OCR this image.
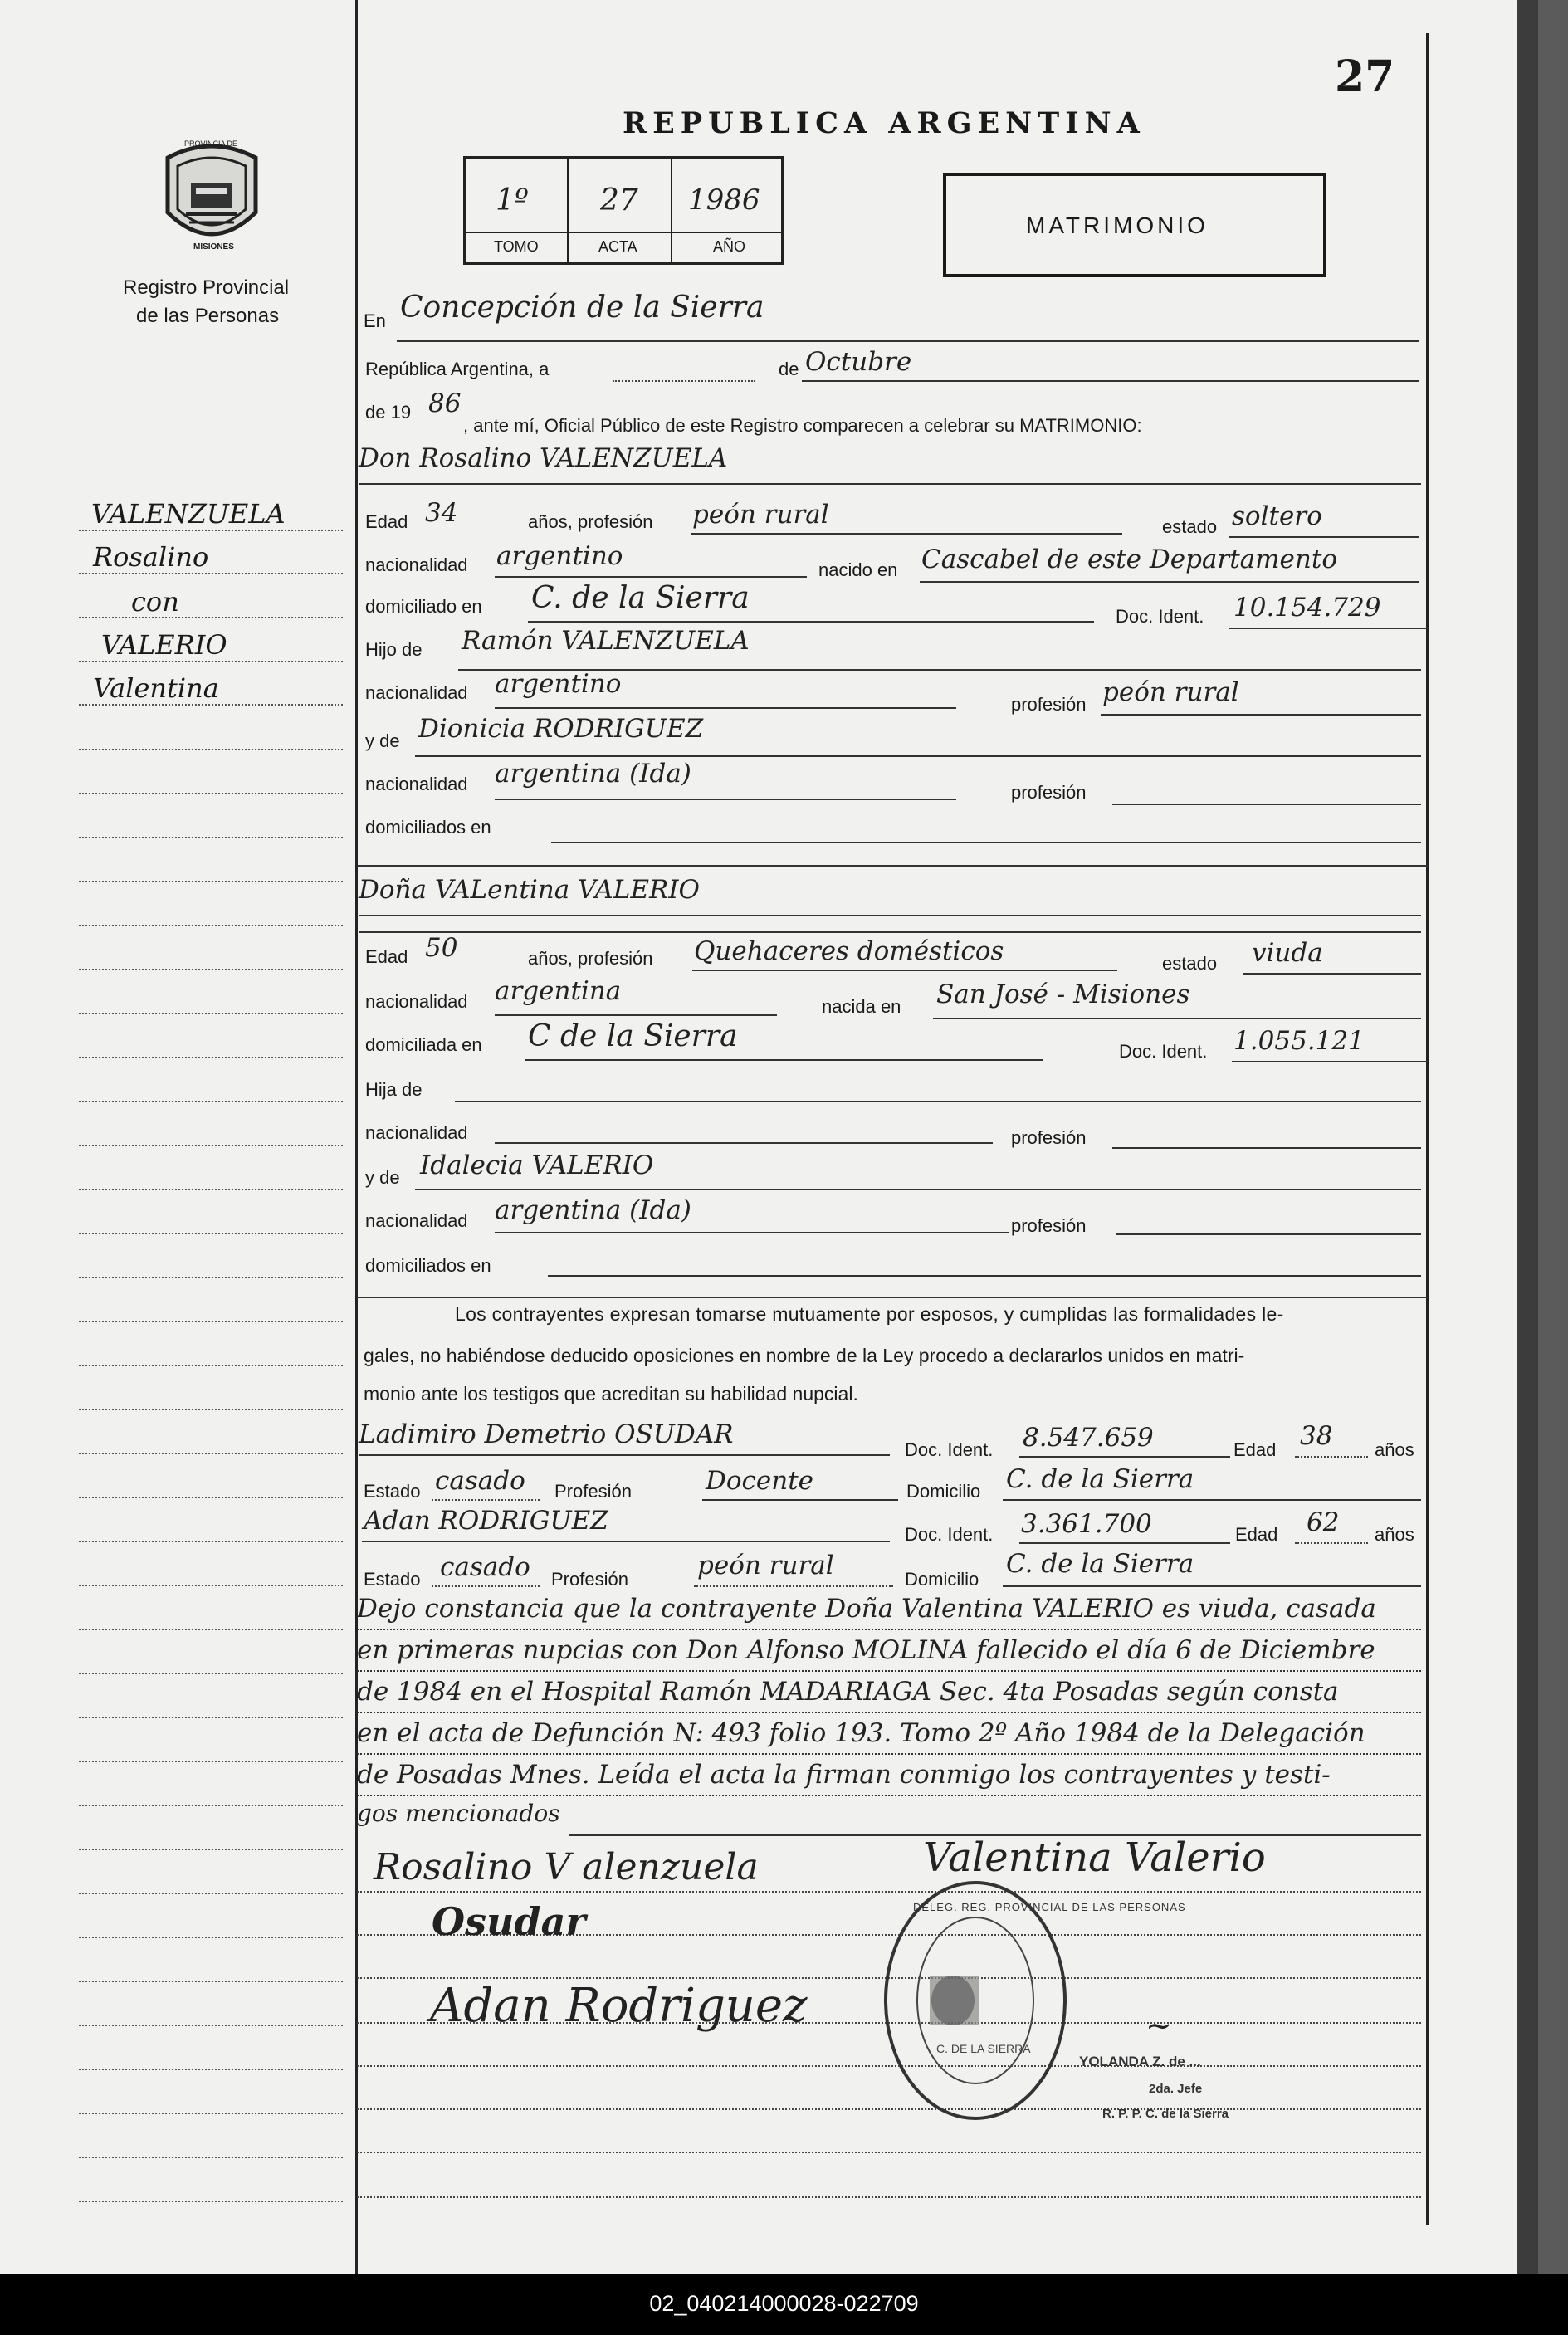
27
PROVINCIA DE
MISIONES
Registro Provincial
de las Personas
REPUBLICA ARGENTINA
1º 27 1986
TOMO	ACTA	AÑO
MATRIMONIO
VALENZUELA
Rosalino
con
VALERIO
Valentina
En Concepción de la Sierra
República Argentina, a	de Octubre
de 19 86
, ante mí, Oficial Público de este Registro comparecen a celebrar su MATRIMONIO:
Don Rosalino VALENZUELA
Edad 34	años, profesión peón rural	estado soltero
nacionalidad argentino	nacido en Cascabel de este Departamento
domiciliado en C. de la Sierra
Doc. Ident. 10.154.729
Hijo de Ramón VALENZUELA
nacionalidad argentino
profesión peón rural
y de Dionicia RODRIGUEZ
nacionalidad argentina (Ida)
profesión
domiciliados en
Doña VALentina VALERIO
Edad 50	años, profesión Quehaceres domésticos	estado viuda
nacionalidad argentina
nacida en San José - Misiones
domiciliada en C de la Sierra	Doc. Ident. 1.055.121
Hija de
nacionalidad	profesión
y de Idalecia VALERIO
nacionalidad argentina (Ida)
profesión
domiciliados en
Los contrayentes expresan tomarse mutuamente por esposos, y cumplidas las formalidades le-
gales, no habiéndose deducido oposiciones en nombre de la Ley procedo a declararlos unidos en matri-
monio ante los testigos que acreditan su habilidad nupcial.
Ladimiro Demetrio OSUDAR
Doc. Ident. 8.547.659	Edad 38 años
Estado casado Profesión	Docente	Domicilio C. de la Sierra
Adan RODRIGUEZ	Doc. Ident. 3.361.700	Edad 62 años
Estado casado Profesión	peón rural	Domicilio
C. de la Sierra
Dejo constancia que la contrayente Doña Valentina VALERIO es viuda, casada
en primeras nupcias con Don Alfonso MOLINA fallecido el día 6 de Diciembre
de 1984 en el Hospital Ramón MADARIAGA Sec. 4ta Posadas según consta
en el acta de Defunción N: 493 folio 193. Tomo 2º Año 1984 de la Delegación
de Posadas Mnes. Leída el acta la firman conmigo los contrayentes y testi-
gos mencionados
Rosalino V alenzuela	Valentina Valerio
Osudar
Adan Rodriguez
DELEG. REG. PROVINCIAL DE LAS PERSONAS
C. DE LA SIERRA
~
YOLANDA Z. de ...
2da. Jefe
R. P. P. C. de la Sierra
02_040214000028-022709
